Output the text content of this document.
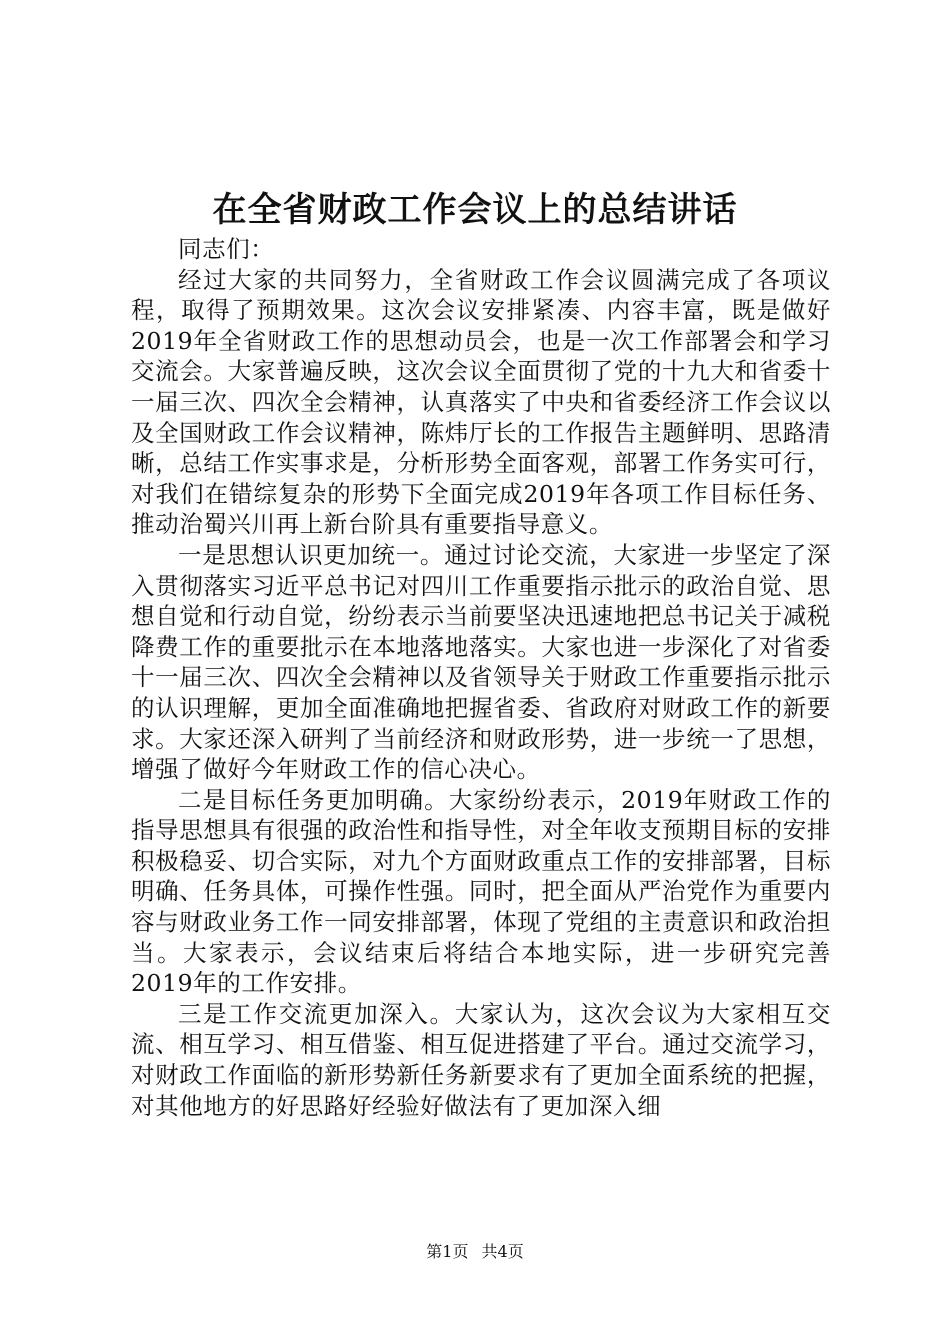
在全省财政工作会议上的总结讲话

同志们：

经过大家的共同努力，全省财政工作会议圆满完成了各项议程，取得了预期效果。这次会议安排紧凑、内容丰富，既是做好2019年全省财政工作的思想动员会，也是一次工作部署会和学习交流会。大家普遍反映，这次会议全面贯彻了党的十九大和省委十一届三次、四次全会精神，认真落实了中央和省委经济工作会议以及全国财政工作会议精神，陈炜厅长的工作报告主题鲜明、思路清晰，总结工作实事求是，分析形势全面客观，部署工作务实可行，对我们在错综复杂的形势下全面完成2019年各项工作目标任务、推动治蜀兴川再上新台阶具有重要指导意义。

一是思想认识更加统一。通过讨论交流，大家进一步坚定了深入贯彻落实习近平总书记对四川工作重要指示批示的政治自觉、思想自觉和行动自觉，纷纷表示当前要坚决迅速地把总书记关于减税降费工作的重要批示在本地落地落实。大家也进一步深化了对省委十一届三次、四次全会精神以及省领导关于财政工作重要指示批示的认识理解，更加全面准确地把握省委、省政府对财政工作的新要求。大家还深入研判了当前经济和财政形势，进一步统一了思想，增强了做好今年财政工作的信心决心。

二是目标任务更加明确。大家纷纷表示，2019年财政工作的指导思想具有很强的政治性和指导性，对全年收支预期目标的安排积极稳妥、切合实际，对九个方面财政重点工作的安排部署，目标明确、任务具体，可操作性强。同时，把全面从严治党作为重要内容与财政业务工作一同安排部署，体现了党组的主责意识和政治担当。大家表示，会议结束后将结合本地实际，进一步研究完善2019年的工作安排。

三是工作交流更加深入。大家认为，这次会议为大家相互交流、相互学习、相互借鉴、相互促进搭建了平台。通过交流学习，对财政工作面临的新形势新任务新要求有了更加全面系统的把握，对其他地方的好思路好经验好做法有了更加深入细

第1页 共4页
